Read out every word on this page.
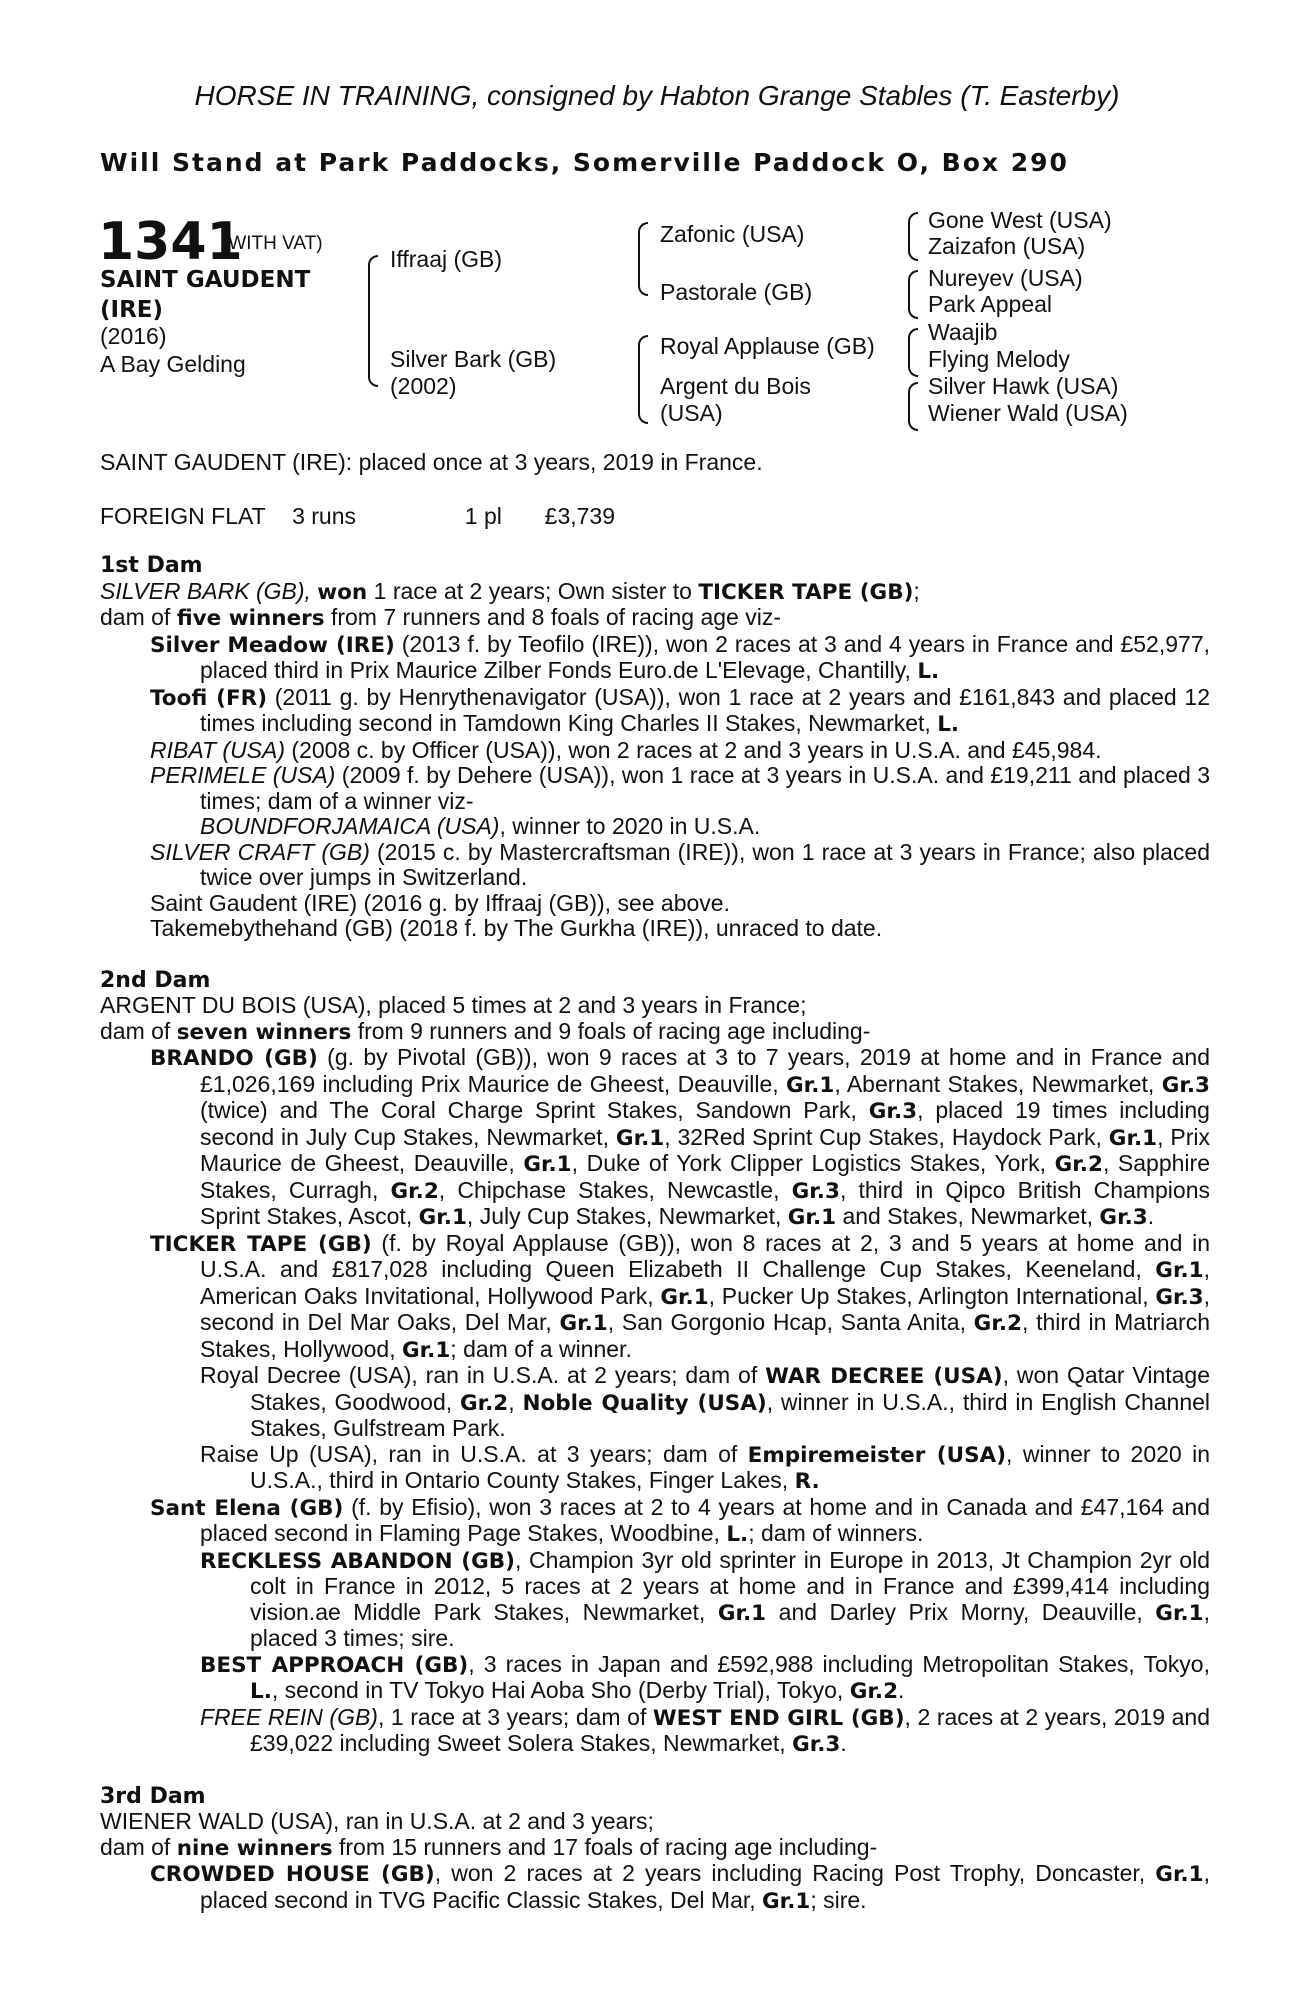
HORSE IN TRAINING, consigned by Habton Grange Stables (T. Easterby)
Will Stand at Park Paddocks, Somerville Paddock O, Box 290
1341
(WITH VAT)
SAINT GAUDENT
(IRE)
(2016)
A Bay Gelding
Iffraaj (GB)
Silver Bark (GB)
(2002)
Zafonic (USA)
Pastorale (GB)
Royal Applause (GB)
Argent du Bois
(USA)
Gone West (USA)
Zaizafon (USA)
Nureyev (USA)
Park Appeal
Waajib
Flying Melody
Silver Hawk (USA)
Wiener Wald (USA)
SAINT GAUDENT (IRE): placed once at 3 years, 2019 in France.
FOREIGN FLAT 3 runs	1 pl £3,739

1st Dam

SILVER BARK (GB), won 1 race at 2 years; Own sister to TICKER TAPE (GB);

dam of five winners from 7 runners and 8 foals of racing age viz-

Silver Meadow (IRE) (2013 f. by Teofilo (IRE)), won 2 races at 3 and 4 years in France and £52,977, placed third in Prix Maurice Zilber Fonds Euro.de L'Elevage, Chantilly, L.

Toofi (FR) (2011 g. by Henrythenavigator (USA)), won 1 race at 2 years and £161,843 and placed 12 times including second in Tamdown King Charles II Stakes, Newmarket, L.

RIBAT (USA) (2008 c. by Officer (USA)), won 2 races at 2 and 3 years in U.S.A. and £45,984.

PERIMELE (USA) (2009 f. by Dehere (USA)), won 1 race at 3 years in U.S.A. and £19,211 and placed 3 times; dam of a winner viz-

BOUNDFORJAMAICA (USA), winner to 2020 in U.S.A.

SILVER CRAFT (GB) (2015 c. by Mastercraftsman (IRE)), won 1 race at 3 years in France; also placed twice over jumps in Switzerland.

Saint Gaudent (IRE) (2016 g. by Iffraaj (GB)), see above.

Takemebythehand (GB) (2018 f. by The Gurkha (IRE)), unraced to date.

2nd Dam

ARGENT DU BOIS (USA), placed 5 times at 2 and 3 years in France;

dam of seven winners from 9 runners and 9 foals of racing age including-

BRANDO (GB) (g. by Pivotal (GB)), won 9 races at 3 to 7 years, 2019 at home and in France and £1,026,169 including Prix Maurice de Gheest, Deauville, Gr.1, Abernant Stakes, Newmarket, Gr.3 (twice) and The Coral Charge Sprint Stakes, Sandown Park, Gr.3, placed 19 times including second in July Cup Stakes, Newmarket, Gr.1, 32Red Sprint Cup Stakes, Haydock Park, Gr.1, Prix Maurice de Gheest, Deauville, Gr.1, Duke of York Clipper Logistics Stakes, York, Gr.2, Sapphire Stakes, Curragh, Gr.2, Chipchase Stakes, Newcastle, Gr.3, third in Qipco British Champions Sprint Stakes, Ascot, Gr.1, July Cup Stakes, Newmarket, Gr.1 and Stakes, Newmarket, Gr.3.

TICKER TAPE (GB) (f. by Royal Applause (GB)), won 8 races at 2, 3 and 5 years at home and in U.S.A. and £817,028 including Queen Elizabeth II Challenge Cup Stakes, Keeneland, Gr.1, American Oaks Invitational, Hollywood Park, Gr.1, Pucker Up Stakes, Arlington International, Gr.3, second in Del Mar Oaks, Del Mar, Gr.1, San Gorgonio Hcap, Santa Anita, Gr.2, third in Matriarch Stakes, Hollywood, Gr.1; dam of a winner.

Royal Decree (USA), ran in U.S.A. at 2 years; dam of WAR DECREE (USA), won Qatar Vintage Stakes, Goodwood, Gr.2, Noble Quality (USA), winner in U.S.A., third in English Channel Stakes, Gulfstream Park.

Raise Up (USA), ran in U.S.A. at 3 years; dam of Empiremeister (USA), winner to 2020 in U.S.A., third in Ontario County Stakes, Finger Lakes, R.

Sant Elena (GB) (f. by Efisio), won 3 races at 2 to 4 years at home and in Canada and £47,164 and placed second in Flaming Page Stakes, Woodbine, L.; dam of winners.

RECKLESS ABANDON (GB), Champion 3yr old sprinter in Europe in 2013, Jt Champion 2yr old colt in France in 2012, 5 races at 2 years at home and in France and £399,414 including vision.ae Middle Park Stakes, Newmarket, Gr.1 and Darley Prix Morny, Deauville, Gr.1, placed 3 times; sire.

BEST APPROACH (GB), 3 races in Japan and £592,988 including Metropolitan Stakes, Tokyo, L., second in TV Tokyo Hai Aoba Sho (Derby Trial), Tokyo, Gr.2.

FREE REIN (GB), 1 race at 3 years; dam of WEST END GIRL (GB), 2 races at 2 years, 2019 and £39,022 including Sweet Solera Stakes, Newmarket, Gr.3.

3rd Dam

WIENER WALD (USA), ran in U.S.A. at 2 and 3 years;

dam of nine winners from 15 runners and 17 foals of racing age including-

CROWDED HOUSE (GB), won 2 races at 2 years including Racing Post Trophy, Doncaster, Gr.1, placed second in TVG Pacific Classic Stakes, Del Mar, Gr.1; sire.
